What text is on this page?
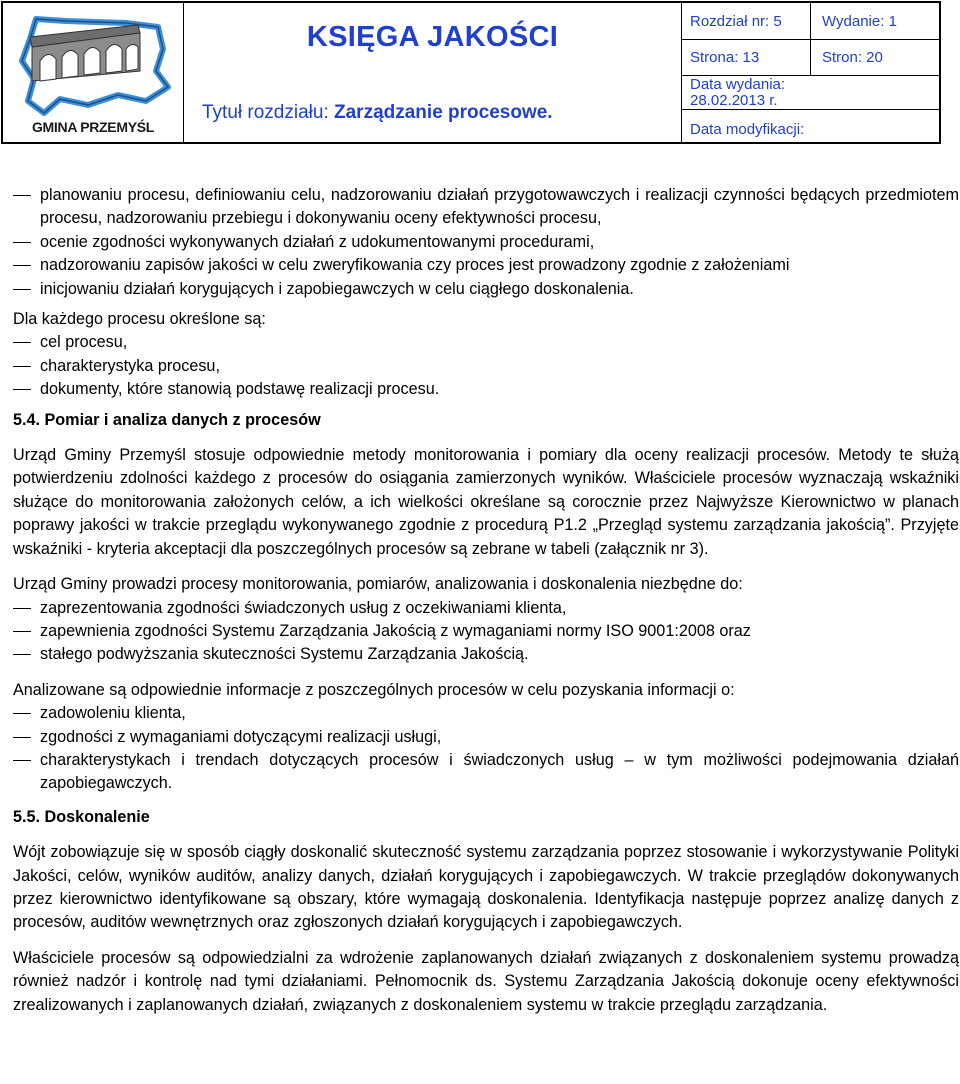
GMINA PRZEMYŚL
KSIĘGA JAKOŚCI
Tytuł rozdziału: Zarządzanie procesowe.
Rozdział nr: 5	Wydanie: 1
Strona: 13	Stron: 20
Data wydania:
28.02.2013 r.
Data modyfikacji:
planowaniu procesu, definiowaniu celu, nadzorowaniu działań przygotowawczych i realizacji czynności będących przedmiotem procesu, nadzorowaniu przebiegu i dokonywaniu oceny efektywności procesu,
ocenie zgodności wykonywanych działań z udokumentowanymi procedurami,
nadzorowaniu zapisów jakości w celu zweryfikowania czy proces jest prowadzony zgodnie z założeniami
inicjowaniu działań korygujących i zapobiegawczych w celu ciągłego doskonalenia.

Dla każdego procesu określone są:

cel procesu,
charakterystyka procesu,
dokumenty, które stanowią podstawę realizacji procesu.

5.4. Pomiar i analiza danych z procesów

Urząd Gminy Przemyśl stosuje odpowiednie metody monitorowania i pomiary dla oceny realizacji procesów. Metody te służą potwierdzeniu zdolności każdego z procesów do osiągania zamierzonych wyników. Właściciele procesów wyznaczają wskaźniki służące do monitorowania założonych celów, a ich wielkości określane są corocznie przez Najwyższe Kierownictwo w planach poprawy jakości w trakcie przeglądu wykonywanego zgodnie z procedurą P1.2 „Przegląd systemu zarządzania jakością”. Przyjęte wskaźniki - kryteria akceptacji dla poszczególnych procesów są zebrane w tabeli (załącznik nr 3).

Urząd Gminy prowadzi procesy monitorowania, pomiarów, analizowania i doskonalenia niezbędne do:

zaprezentowania zgodności świadczonych usług z oczekiwaniami klienta,
zapewnienia zgodności Systemu Zarządzania Jakością z wymaganiami normy ISO 9001:2008 oraz
stałego podwyższania skuteczności Systemu Zarządzania Jakością.

Analizowane są odpowiednie informacje z poszczególnych procesów w celu pozyskania informacji o:

zadowoleniu klienta,
zgodności z wymaganiami dotyczącymi realizacji usługi,
charakterystykach i trendach dotyczących procesów i świadczonych usług – w tym możliwości podejmowania działań zapobiegawczych.

5.5. Doskonalenie

Wójt zobowiązuje się w sposób ciągły doskonalić skuteczność systemu zarządzania poprzez stosowanie i wykorzystywanie Polityki Jakości, celów, wyników auditów, analizy danych, działań korygujących i zapobiegawczych. W trakcie przeglądów dokonywanych przez kierownictwo identyfikowane są obszary, które wymagają doskonalenia. Identyfikacja następuje poprzez analizę danych z procesów, auditów wewnętrznych oraz zgłoszonych działań korygujących i zapobiegawczych.

Właściciele procesów są odpowiedzialni za wdrożenie zaplanowanych działań związanych z doskonaleniem systemu prowadzą również nadzór i kontrolę nad tymi działaniami. Pełnomocnik ds. Systemu Zarządzania Jakością dokonuje oceny efektywności zrealizowanych i zaplanowanych działań, związanych z doskonaleniem systemu w trakcie przeglądu zarządzania.
